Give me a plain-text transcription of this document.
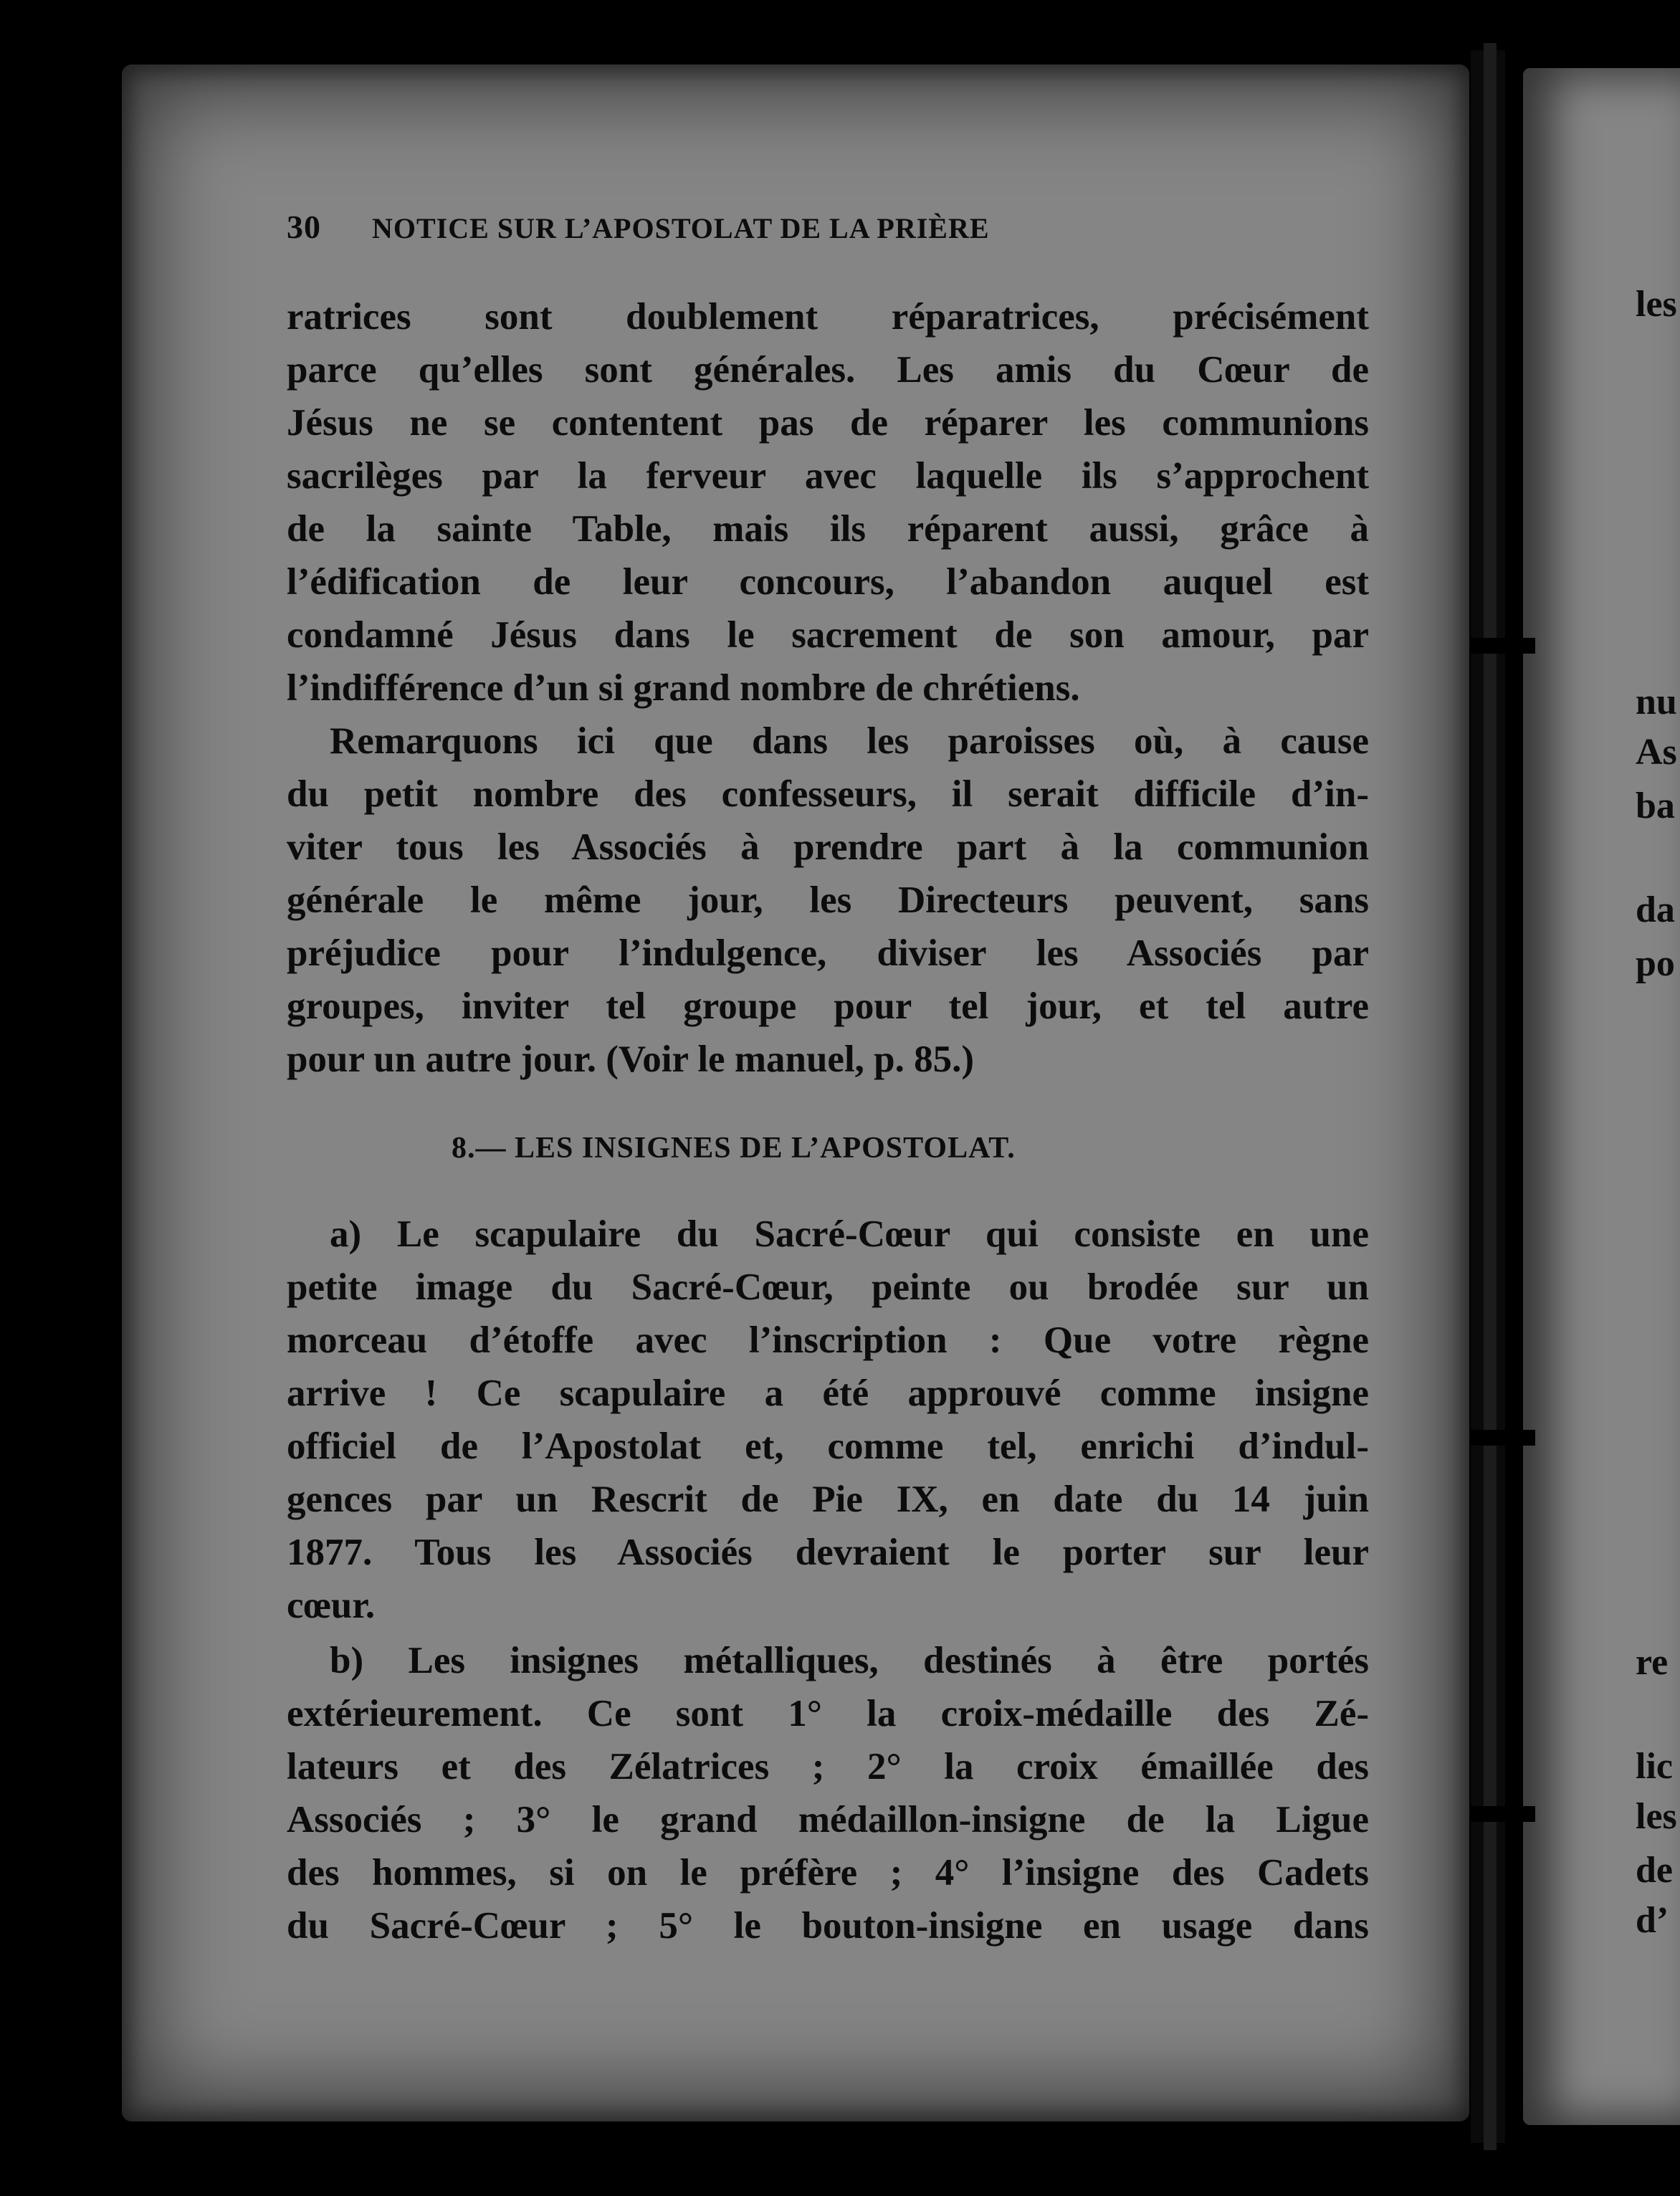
30 NOTICE SUR L’APOSTOLAT DE LA PRIÈRE
ratrices sont doublement réparatrices, précisément
parce qu’elles sont générales. Les amis du Cœur de
Jésus ne se contentent pas de réparer les communions
sacrilèges par la ferveur avec laquelle ils s’approchent
de la sainte Table, mais ils réparent aussi, grâce à
l’édification de leur concours, l’abandon auquel est
condamné Jésus dans le sacrement de son amour, par
l’indifférence d’un si grand nombre de chrétiens.
Remarquons ici que dans les paroisses où, à cause
du petit nombre des confesseurs, il serait difficile d’in-
viter tous les Associés à prendre part à la communion
générale le même jour, les Directeurs peuvent, sans
préjudice pour l’indulgence, diviser les Associés par
groupes, inviter tel groupe pour tel jour, et tel autre
pour un autre jour. (Voir le manuel, p. 85.)
8.— LES INSIGNES DE L’APOSTOLAT.
a) Le scapulaire du Sacré-Cœur qui consiste en une
petite image du Sacré-Cœur, peinte ou brodée sur un
morceau d’étoffe avec l’inscription : Que votre règne
arrive ! Ce scapulaire a été approuvé comme insigne
officiel de l’Apostolat et, comme tel, enrichi d’indul-
gences par un Rescrit de Pie IX, en date du 14 juin
1877. Tous les Associés devraient le porter sur leur
cœur.
b) Les insignes métalliques, destinés à être portés
extérieurement. Ce sont 1° la croix-médaille des Zé-
lateurs et des Zélatrices ; 2° la croix émaillée des
Associés ; 3° le grand médaillon-insigne de la Ligue
des hommes, si on le préfère ; 4° l’insigne des Cadets
du Sacré-Cœur ; 5° le bouton-insigne en usage dans
les
nu
As
ba
da
po
re
lic
les
de
d’
